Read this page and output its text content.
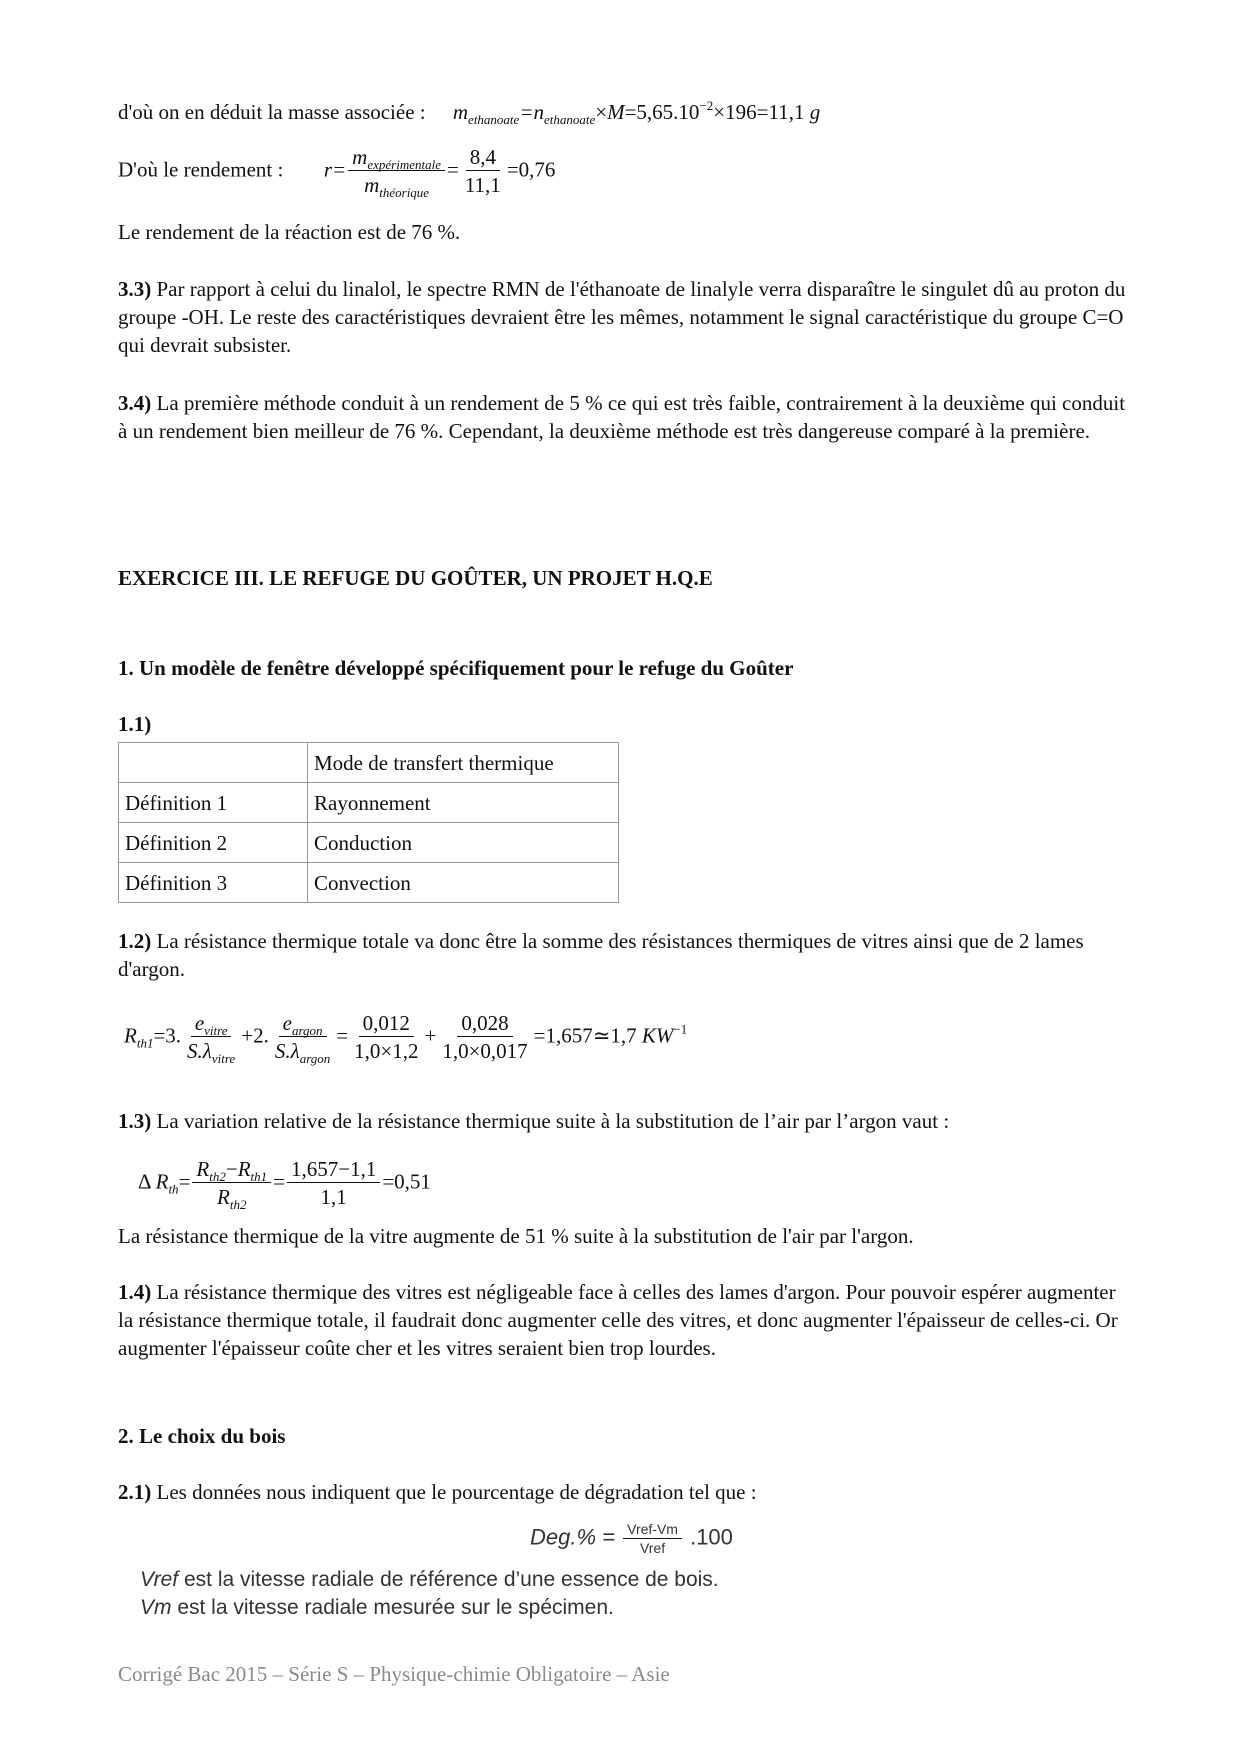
d'où on en déduit la masse associée : $m_{ethanoate}=n_{ethanoate}\times M=5,65.10^{-2}\times 196=11,1$ g
D'où le rendement : $r= \frac{m_{expérimentale}}{m_{théorique}} = \frac{8,4}{11,1} =0,76$
Le rendement de la réaction est de 76 %.

3.3) Par rapport à celui du linalol, le spectre RMN de l'éthanoate de linalyle verra disparaître le singulet dû au proton du groupe -OH. Le reste des caractéristiques devraient être les mêmes, notamment le signal caractéristique du groupe C=O qui devrait subsister.

3.4) La première méthode conduit à un rendement de 5 % ce qui est très faible, contrairement à la deuxième qui conduit à un rendement bien meilleur de 76 %. Cependant, la deuxième méthode est très dangereuse comparé à la première.

EXERCICE III. LE REFUGE DU GOÛTER, UN PROJET H.Q.E
1. Un modèle de fenêtre développé spécifiquement pour le refuge du Goûter
1.1)
	Mode de transfert thermique
Définition 1	Rayonnement
Définition 2	Conduction
Définition 3	Convection

1.2) La résistance thermique totale va donc être la somme des résistances thermiques de vitres ainsi que de 2 lames d'argon.

$R_{th1}=3$. $\frac{e_{vitre}}{S.\lambda_{vitre}} +2$. $\frac{e_{argon}}{S.\lambda_{argon}} = \frac{0,012}{1,0\times 1,2} + \frac{0,028}{1,0\times 0,017}$ =1,657≃1,7 $KW^{-1}$

1.3) La variation relative de la résistance thermique suite à la substitution de l’air par l’argon vaut :

Δ $R_{th}= \frac{R_{th2}-R_{th1}}{R_{th2}} = \frac{1,657-1,1}{1,1} =0,51$
La résistance thermique de la vitre augmente de 51 % suite à la substitution de l'air par l'argon.

1.4) La résistance thermique des vitres est négligeable face à celles des lames d'argon. Pour pouvoir espérer augmenter la résistance thermique totale, il faudrait donc augmenter celle des vitres, et donc augmenter l'épaisseur de celles-ci. Or augmenter l'épaisseur coûte cher et les vitres seraient bien trop lourdes.

2. Le choix du bois

2.1) Les données nous indiquent que le pourcentage de dégradation tel que :

$Deg.\% = \frac{\text{Vref-Vm}}{\text{Vref}} .100$
Vref est la vitesse radiale de référence d’une essence de bois.
Vm est la vitesse radiale mesurée sur le spécimen.
Corrigé Bac 2015 – Série S – Physique-chimie Obligatoire – Asie
